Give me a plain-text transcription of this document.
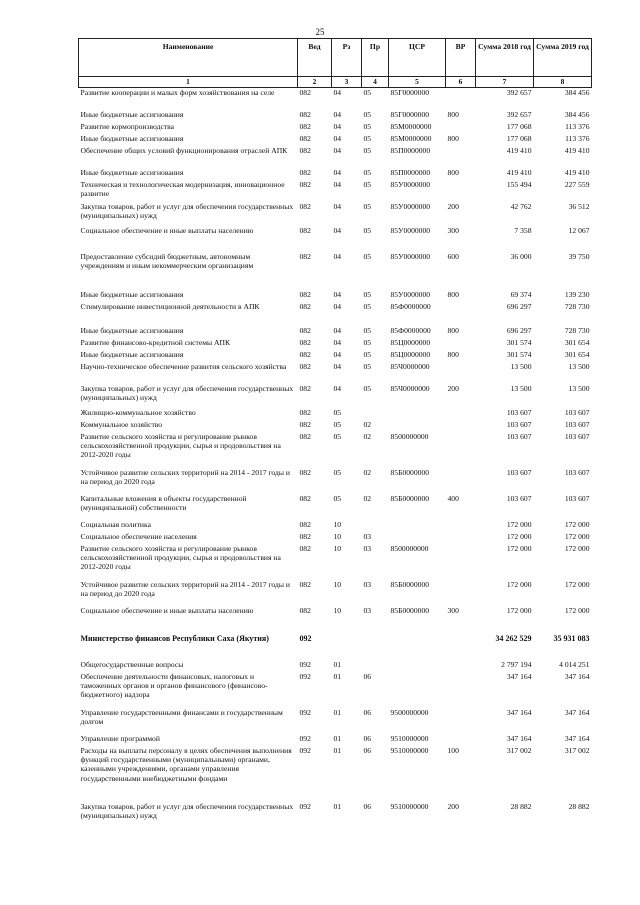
25
Наименование	Вед	Рз	Пр	ЦСР	ВР	Сумма 2018 год	Сумма 2019 год
1	2	3	4	5	6	7	8
Развитие кооперации и малых форм хозяйствования на селе	082	04	05	85Г0000000		392 657	384 456
Иные бюджетные ассигнования	082	04	05	85Г0000000	800	392 657	384 456
Развитие кормопроизводства	082	04	05	85М0000000		177 068	113 376
Иные бюджетные ассигнования	082	04	05	85М0000000	800	177 068	113 376
Обеспечение общих условий функционирования отраслей АПК	082	04	05	85П0000000		419 410	419 410
Иные бюджетные ассигнования	082	04	05	85П0000000	800	419 410	419 410
Техническая и технологическая модернизация, инновационное развитие	082	04	05	85У0000000		155 494	227 559
Закупка товаров, работ и услуг для обеспечения государственных (муниципальных) нужд	082	04	05	85У0000000	200	42 762	36 512
Социальное обеспечение и иные выплаты населению	082	04	05	85У0000000	300	7 358	12 067
Предоставление субсидий бюджетным, автономным учреждениям и иным некоммерческим организациям	082	04	05	85У0000000	600	36 000	39 750
Иные бюджетные ассигнования	082	04	05	85У0000000	800	69 374	139 230
Стимулирование инвестиционной деятельности в АПК	082	04	05	85Ф0000000		696 297	728 730
Иные бюджетные ассигнования	082	04	05	85Ф0000000	800	696 297	728 730
Развитие финансово-кредитной системы АПК	082	04	05	85Ц0000000		301 574	301 654
Иные бюджетные ассигнования	082	04	05	85Ц0000000	800	301 574	301 654
Научно-техническое обеспечение развития сельского хозяйства	082	04	05	85Ч0000000		13 500	13 500
Закупка товаров, работ и услуг для обеспечения государственных (муниципальных) нужд	082	04	05	85Ч0000000	200	13 500	13 500
Жилищно-коммунальное хозяйство	082	05				103 607	103 607
Коммунальное хозяйство	082	05	02			103 607	103 607
Развитие сельского хозяйства и регулирование рынков сельскохозяйственной продукции, сырья и продовольствия на 2012-2020 годы	082	05	02	8500000000		103 607	103 607
Устойчивое развитие сельских территорий на 2014 - 2017 годы и на период до 2020 года	082	05	02	85Б0000000		103 607	103 607
Капитальные вложения в объекты государственной (муниципальной) собственности	082	05	02	85Б0000000	400	103 607	103 607
Социальная политика	082	10				172 000	172 000
Социальное обеспечение населения	082	10	03			172 000	172 000
Развитие сельского хозяйства и регулирование рынков сельскохозяйственной продукции, сырья и продовольствия на 2012-2020 годы	082	10	03	8500000000		172 000	172 000
Устойчивое развитие сельских территорий на 2014 - 2017 годы и на период до 2020 года	082	10	03	85Б0000000		172 000	172 000
Социальное обеспечение и иные выплаты населению	082	10	03	85Б0000000	300	172 000	172 000
Министерство финансов Республики Саха (Якутия)	092					34 262 529	35 931 083
Общегосударственные вопросы	092	01				2 797 194	4 014 251
Обеспечение деятельности финансовых, налоговых и таможенных органов и органов финансового (финансово-бюджетного) надзора	092	01	06			347 164	347 164
Управление государственными финансами и государственным долгом	092	01	06	9500000000		347 164	347 164
Управление программой	092	01	06	9510000000		347 164	347 164
Расходы на выплаты персоналу в целях обеспечения выполнения функций государственными (муниципальными) органами, казенными учреждениями, органами управления государственными внебюджетными фондами	092	01	06	9510000000	100	317 002	317 002
Закупка товаров, работ и услуг для обеспечения государственных (муниципальных) нужд	092	01	06	9510000000	200	28 882	28 882
